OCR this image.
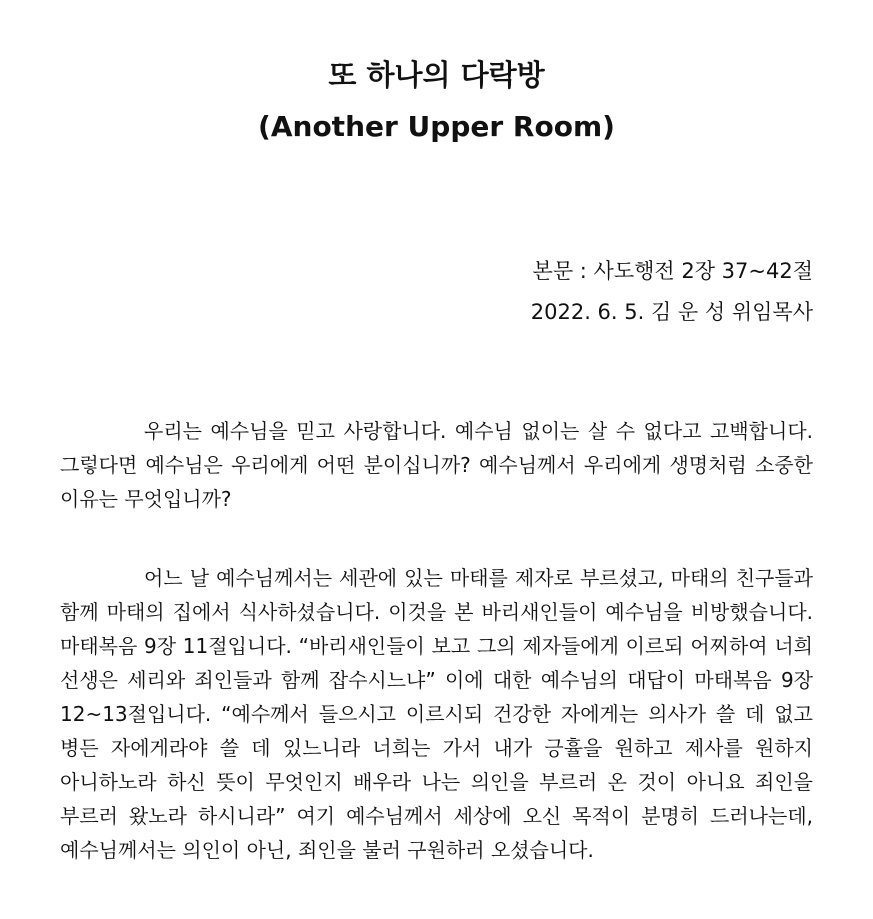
또 하나의 다락방
(Another Upper Room)
본문 : 사도행전 2장 37~42절
2022. 6. 5. 김 운 성 위임목사

우리는 예수님을 믿고 사랑합니다. 예수님 없이는 살 수 없다고 고백합니다. 그렇다면 예수님은 우리에게 어떤 분이십니까? 예수님께서 우리에게 생명처럼 소중한 이유는 무엇입니까?

어느 날 예수님께서는 세관에 있는 마태를 제자로 부르셨고, 마태의 친구들과 함께 마태의 집에서 식사하셨습니다. 이것을 본 바리새인들이 예수님을 비방했습니다. 마태복음 9장 11절입니다. “바리새인들이 보고 그의 제자들에게 이르되 어찌하여 너희 선생은 세리와 죄인들과 함께 잡수시느냐” 이에 대한 예수님의 대답이 마태복음 9장 12~13절입니다. “예수께서 들으시고 이르시되 건강한 자에게는 의사가 쓸 데 없고 병든 자에게라야 쓸 데 있느니라 너희는 가서 내가 긍휼을 원하고 제사를 원하지 아니하노라 하신 뜻이 무엇인지 배우라 나는 의인을 부르러 온 것이 아니요 죄인을 부르러 왔노라 하시니라” 여기 예수님께서 세상에 오신 목적이 분명히 드러나는데, 예수님께서는 의인이 아닌, 죄인을 불러 구원하러 오셨습니다.
